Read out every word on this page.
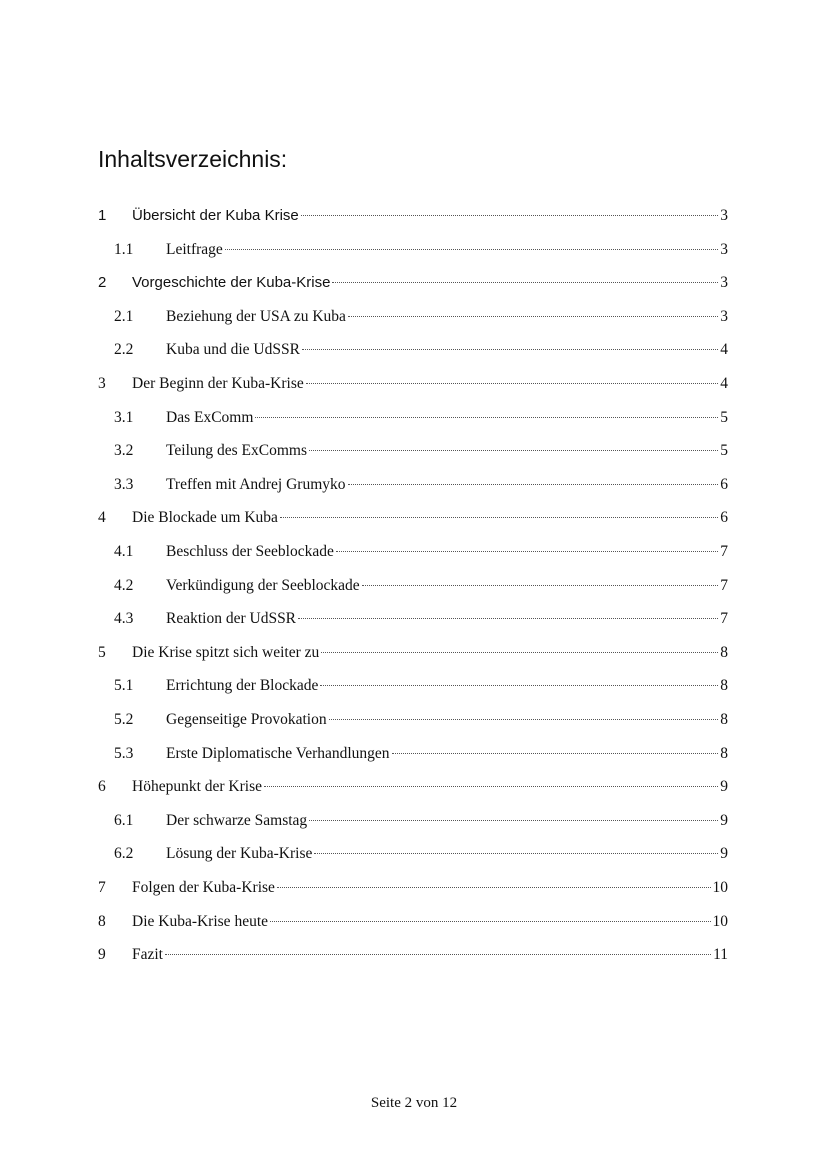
Inhaltsverzeichnis:
1	Übersicht der Kuba Krise	3
1.1	Leitfrage	3
2	Vorgeschichte der Kuba-Krise	3
2.1	Beziehung der USA zu Kuba	3
2.2	Kuba und die UdSSR	4
3	Der Beginn der Kuba-Krise	4
3.1	Das ExComm	5
3.2	Teilung des ExComms	5
3.3	Treffen mit Andrej Grumyko	6
4	Die Blockade um Kuba	6
4.1	Beschluss der Seeblockade	7
4.2	Verkündigung der Seeblockade	7
4.3	Reaktion der UdSSR	7
5	Die Krise spitzt sich weiter zu	8
5.1	Errichtung der Blockade	8
5.2	Gegenseitige Provokation	8
5.3	Erste Diplomatische Verhandlungen	8
6	Höhepunkt der Krise	9
6.1	Der schwarze Samstag	9
6.2	Lösung der Kuba-Krise	9
7	Folgen der Kuba-Krise	10
8	Die Kuba-Krise heute	10
9	Fazit	11
Seite 2 von 12
